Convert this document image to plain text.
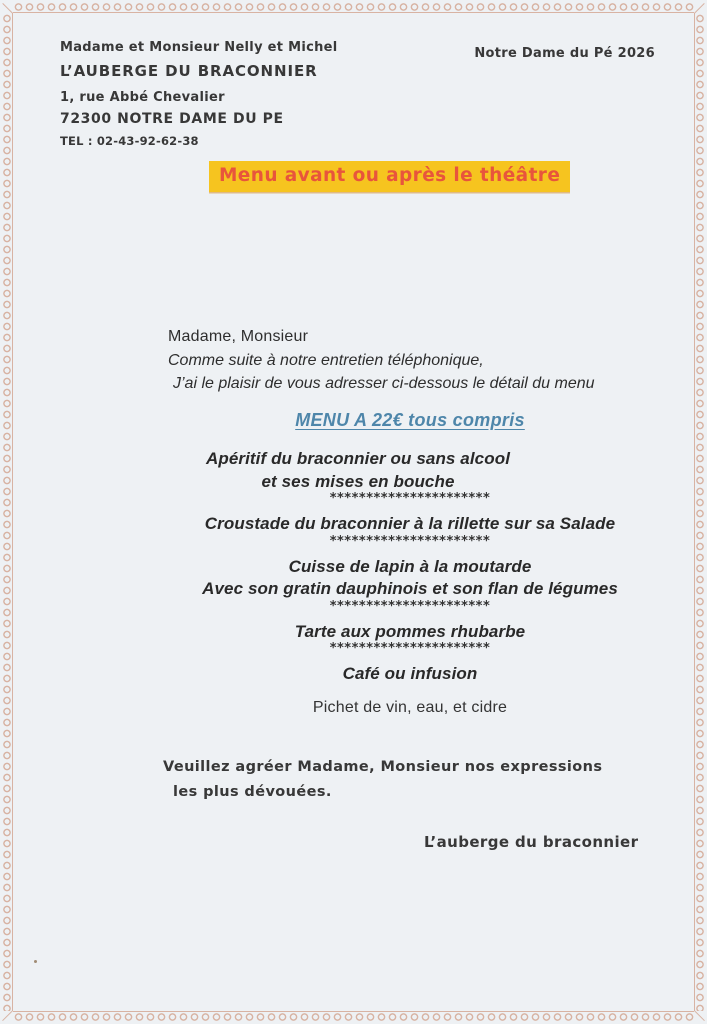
Madame et Monsieur Nelly et Michel

L’AUBERGE DU BRACONNIER

1, rue Abbé Chevalier

72300 NOTRE DAME DU PE

TEL : 02-43-92-62-38

Notre Dame du Pé 2026
Menu avant ou après le théâtre

Madame, Monsieur

Comme suite à notre entretien téléphonique,

J’ai le plaisir de vous adresser ci-dessous le détail du menu

MENU A 22€ tous compris

Apéritif du braconnier ou sans alcool

et ses mises en bouche

**********************

Croustade du braconnier à la rillette sur sa Salade

**********************

Cuisse de lapin à la moutarde

Avec son gratin dauphinois et son flan de légumes

**********************

Tarte aux pommes rhubarbe

**********************

Café ou infusion

Pichet de vin, eau, et cidre

Veuillez agréer Madame, Monsieur nos expressions

les plus dévouées.

L’auberge du braconnier
